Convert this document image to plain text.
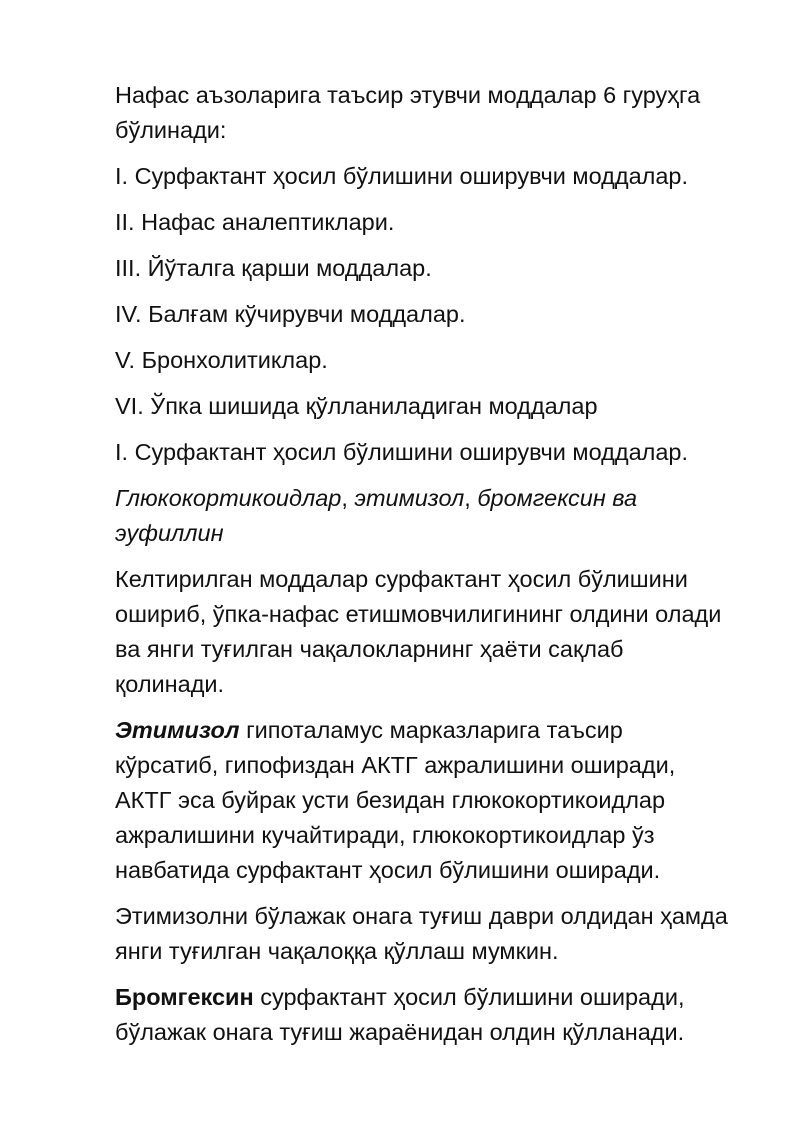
Нафас аъзоларига таъсир этувчи моддалар 6 гуруҳга бўлинади:

I. Сурфактант ҳосил бўлишини оширувчи моддалар.

II. Нафас аналептиклари.

III. Йўталга қарши моддалар.

IV. Балғам кўчирувчи моддалар.

V. Бронхолитиклар.

VI. Ўпка шишида қўлланиладиган моддалар

I. Сурфактант ҳосил бўлишини оширувчи моддалар.

Глюкокортикоидлар, этимизол, бромгексин ва эуфиллин

Келтирилган моддалар сурфактант ҳосил бўлишини ошириб, ўпка-нафас етишмовчилигининг олдини олади ва янги туғилган чақалокларнинг ҳаёти сақлаб қолинади.

Этимизол гипоталамус марказларига таъсир кўрсатиб, гипофиздан АКТГ ажралишини оширади, АКТГ эса буйрак усти безидан глюкокортикоидлар ажралишини кучайтиради, глюкокортикоидлар ўз навбатида сурфактант ҳосил бўлишини оширади.

Этимизолни бўлажак онага туғиш даври олдидан ҳамда янги туғилган чақалоққа қўллаш мумкин.

Бромгексин сурфактант ҳосил бўлишини оширади, бўлажак онага туғиш жараёнидан олдин қўлланади.
